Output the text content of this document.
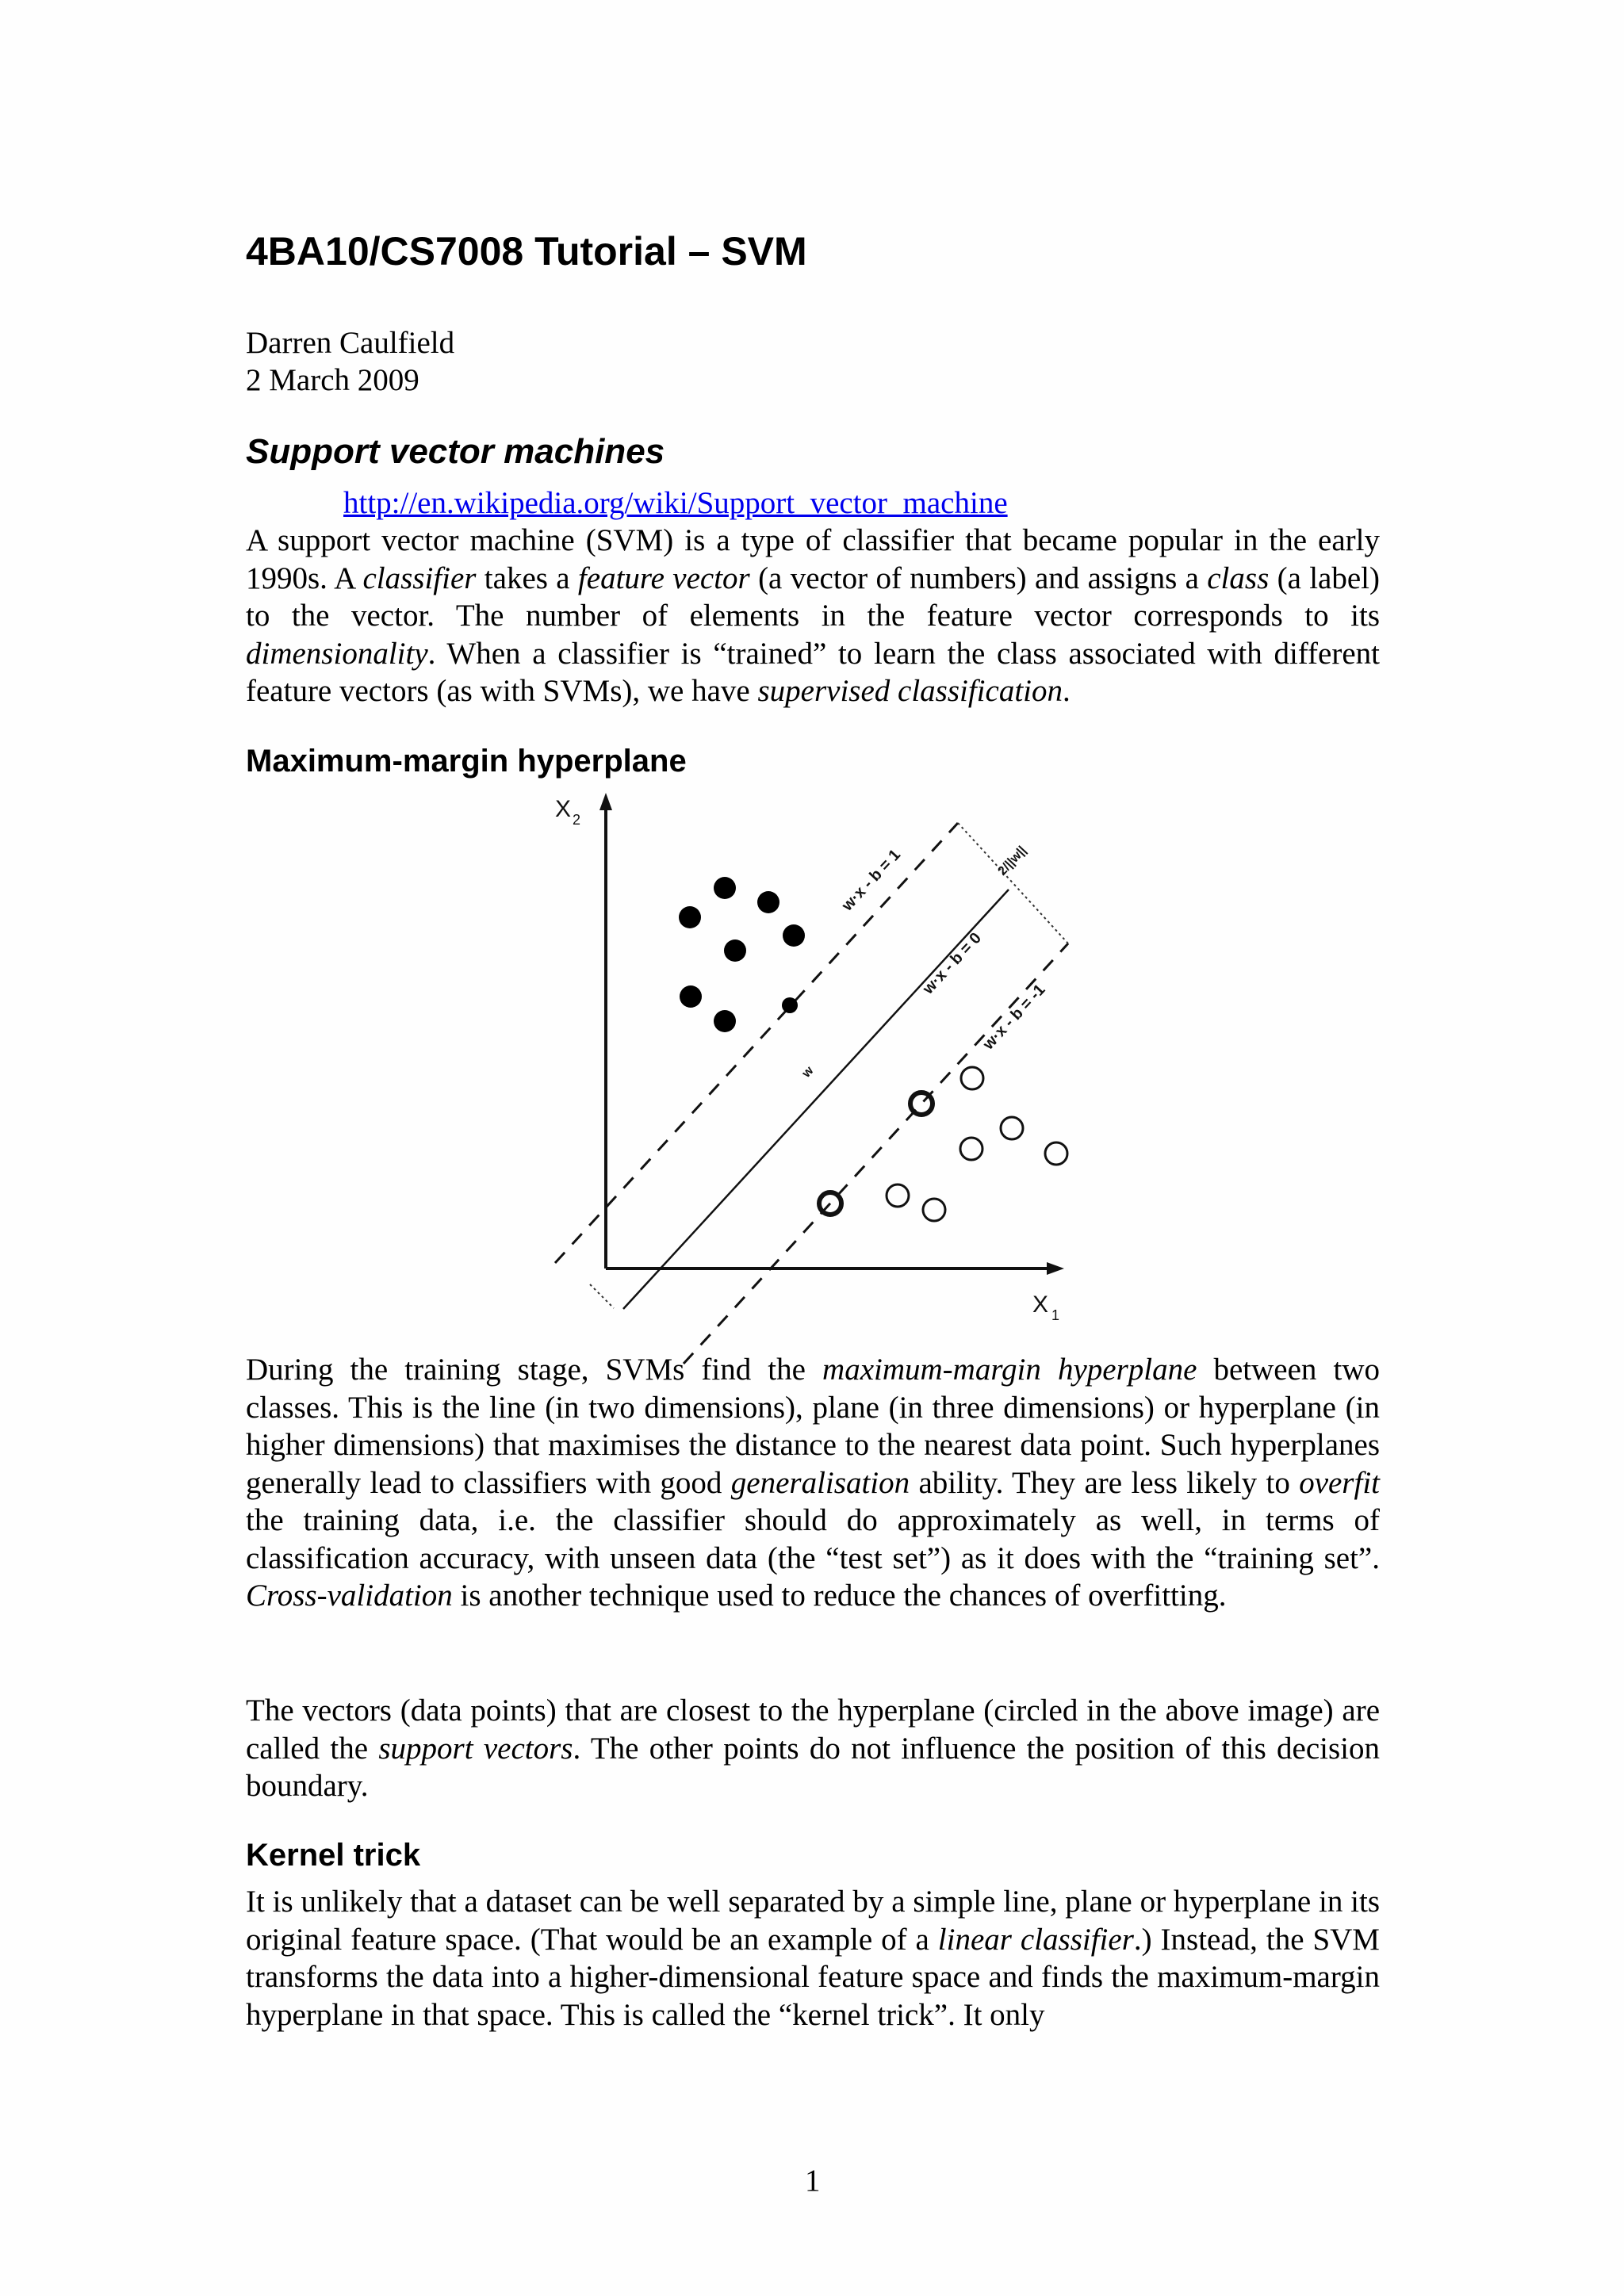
4BA10/CS7008 Tutorial – SVM
Darren Caulfield
2 March 2009
Support vector machines
http://en.wikipedia.org/wiki/Support_vector_machine
A support vector machine (SVM) is a type of classifier that became popular in the early 1990s. A classifier takes a feature vector (a vector of numbers) and assigns a class (a label) to the vector. The number of elements in the feature vector corresponds to its dimensionality. When a classifier is “trained” to learn the class associated with different feature vectors (as with SVMs), we have supervised classification.
Maximum-margin hyperplane
w·x - b = 1
w·x - b = 0
w·x - b = -1
2/||w||
w
X 2
X 1
During the training stage, SVMs find the maximum-margin hyperplane between two classes. This is the line (in two dimensions), plane (in three dimensions) or hyperplane (in higher dimensions) that maximises the distance to the nearest data point. Such hyperplanes generally lead to classifiers with good generalisation ability. They are less likely to overfit the training data, i.e. the classifier should do approximately as well, in terms of classification accuracy, with unseen data (the “test set”) as it does with the “training set”. Cross-validation is another technique used to reduce the chances of overfitting.
The vectors (data points) that are closest to the hyperplane (circled in the above image) are called the support vectors. The other points do not influence the position of this decision boundary.
Kernel trick
It is unlikely that a dataset can be well separated by a simple line, plane or hyperplane in its original feature space. (That would be an example of a linear classifier.) Instead, the SVM transforms the data into a higher-dimensional feature space and finds the maximum-margin hyperplane in that space. This is called the “kernel trick”. It only
1
